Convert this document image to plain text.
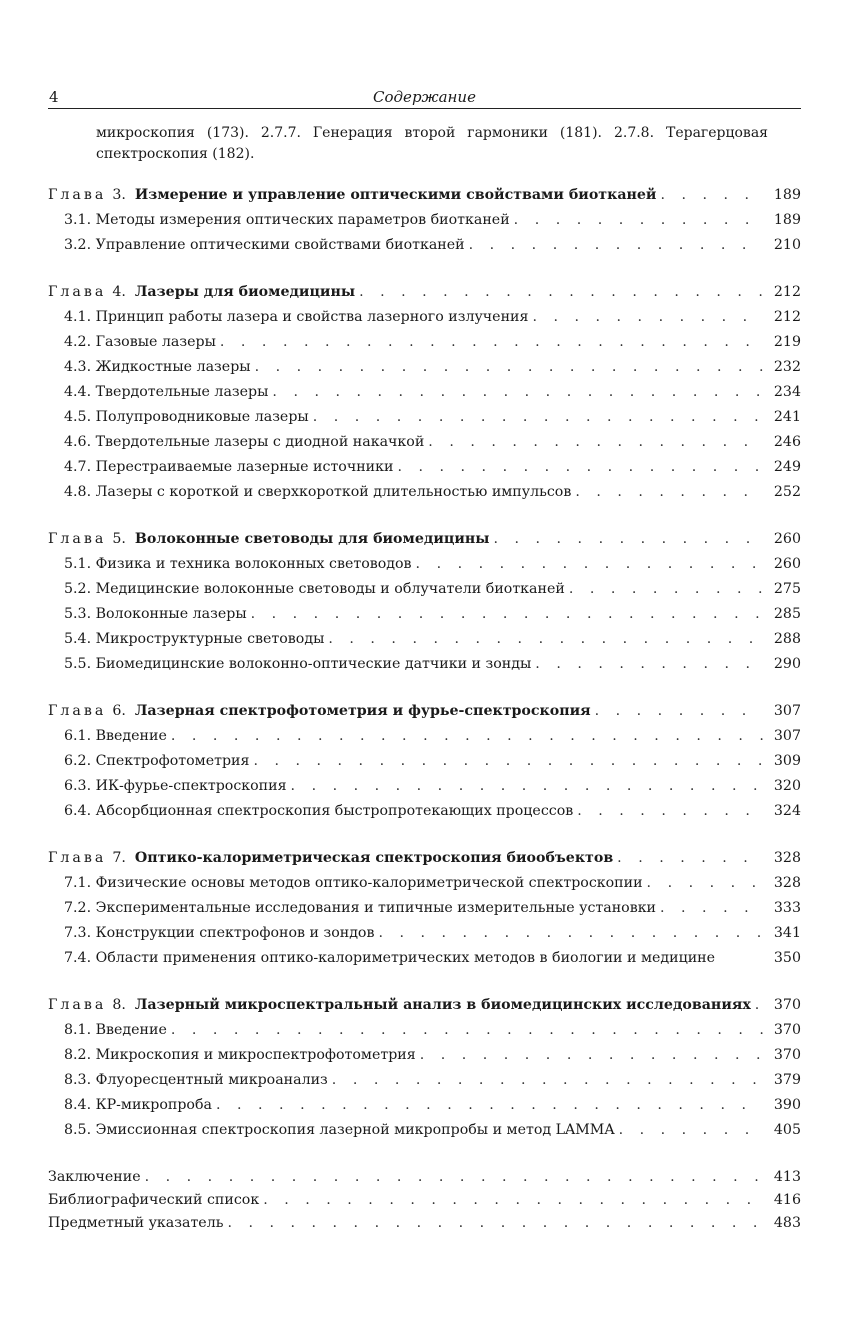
4	Содержание
микроскопия (173). 2.7.7. Генерация второй гармоники (181). 2.7.8. Терагерцовая спектроскопия (182).
Глава 3. Измерение и управление оптическими свойствами биотканей . . .	189
3.1. Методы измерения оптических параметров биотканей . . .	189
3.2. Управление оптическими свойствами биотканей . . .	210
Глава 4. Лазеры для биомедицины . . .	212
4.1. Принцип работы лазера и свойства лазерного излучения . . .	212
4.2. Газовые лазеры . . .	219
4.3. Жидкостные лазеры . . .	232
4.4. Твердотельные лазеры . . .	234
4.5. Полупроводниковые лазеры . . .	241
4.6. Твердотельные лазеры с диодной накачкой . . .	246
4.7. Перестраиваемые лазерные источники . . .	249
4.8. Лазеры с короткой и сверхкороткой длительностью импульсов . . .	252
Глава 5. Волоконные световоды для биомедицины . . .	260
5.1. Физика и техника волоконных световодов . . .	260
5.2. Медицинские волоконные световоды и облучатели биотканей . . .	275
5.3. Волоконные лазеры . . .	285
5.4. Микроструктурные световоды . . .	288
5.5. Биомедицинские волоконно-оптические датчики и зонды . . .	290
Глава 6. Лазерная спектрофотометрия и фурье-спектроскопия . . .	307
6.1. Введение . . .	307
6.2. Спектрофотометрия . . .	309
6.3. ИК-фурье-спектроскопия . . .	320
6.4. Абсорбционная спектроскопия быстропротекающих процессов . . .	324
Глава 7. Оптико-калориметрическая спектроскопия биообъектов . . .	328
7.1. Физические основы методов оптико-калориметрической спектроскопии . . .	328
7.2. Экспериментальные исследования и типичные измерительные установки . . .	333
7.3. Конструкции спектрофонов и зондов . . .	341
7.4. Области применения оптико-калориметрических методов в биологии и медицине	350
Глава 8. Лазерный микроспектральный анализ в биомедицинских исследованиях . . .	370
8.1. Введение . . .	370
8.2. Микроскопия и микроспектрофотометрия . . .	370
8.3. Флуоресцентный микроанализ . . .	379
8.4. КР-микропроба . . .	390
8.5. Эмиссионная спектроскопия лазерной микропробы и метод LAMMA . . .	405
Заключение . . .	413
Библиографический список . . .	416
Предметный указатель . . .	483
